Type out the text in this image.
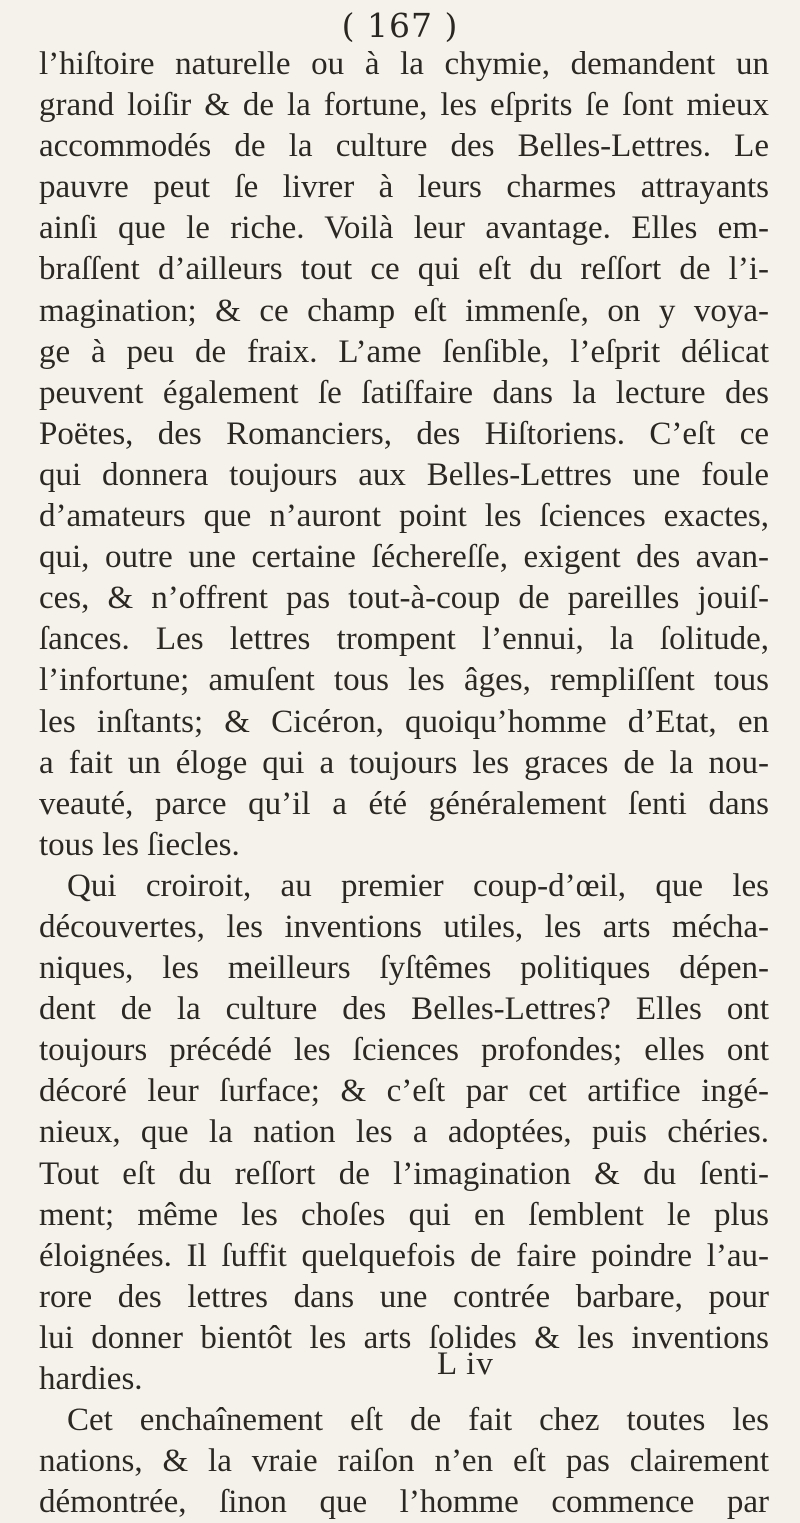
( 167 )
l’hiſtoire naturelle ou à la chymie, demandent un
grand loiſir & de la fortune, les eſprits ſe ſont mieux
accommodés de la culture des Belles-Lettres. Le
pauvre peut ſe livrer à leurs charmes attrayants
ainſi que le riche. Voilà leur avantage. Elles em-
braſſent d’ailleurs tout ce qui eſt du reſſort de l’i-
magination; & ce champ eſt immenſe, on y voya-
ge à peu de fraix. L’ame ſenſible, l’eſprit délicat
peuvent également ſe ſatiſfaire dans la lecture des
Poëtes, des Romanciers, des Hiſtoriens. C’eſt ce
qui donnera toujours aux Belles-Lettres une foule
d’amateurs que n’auront point les ſciences exactes,
qui, outre une certaine ſéchereſſe, exigent des avan-
ces, & n’offrent pas tout-à-coup de pareilles jouiſ-
ſances. Les lettres trompent l’ennui, la ſolitude,
l’infortune; amuſent tous les âges, rempliſſent tous
les inſtants; & Cicéron, quoiqu’homme d’Etat, en
a fait un éloge qui a toujours les graces de la nou-
veauté, parce qu’il a été généralement ſenti dans
tous les ſiecles.
Qui croiroit, au premier coup-d’œil, que les
découvertes, les inventions utiles, les arts mécha-
niques, les meilleurs ſyſtêmes politiques dépen-
dent de la culture des Belles-Lettres? Elles ont
toujours précédé les ſciences profondes; elles ont
décoré leur ſurface; & c’eſt par cet artifice ingé-
nieux, que la nation les a adoptées, puis chéries.
Tout eſt du reſſort de l’imagination & du ſenti-
ment; même les choſes qui en ſemblent le plus
éloignées. Il ſuffit quelquefois de faire poindre l’au-
rore des lettres dans une contrée barbare, pour
lui donner bientôt les arts ſolides & les inventions
hardies.
Cet enchaînement eſt de fait chez toutes les
nations, & la vraie raiſon n’en eſt pas clairement
démontrée, ſinon que l’homme commence par
L iv
